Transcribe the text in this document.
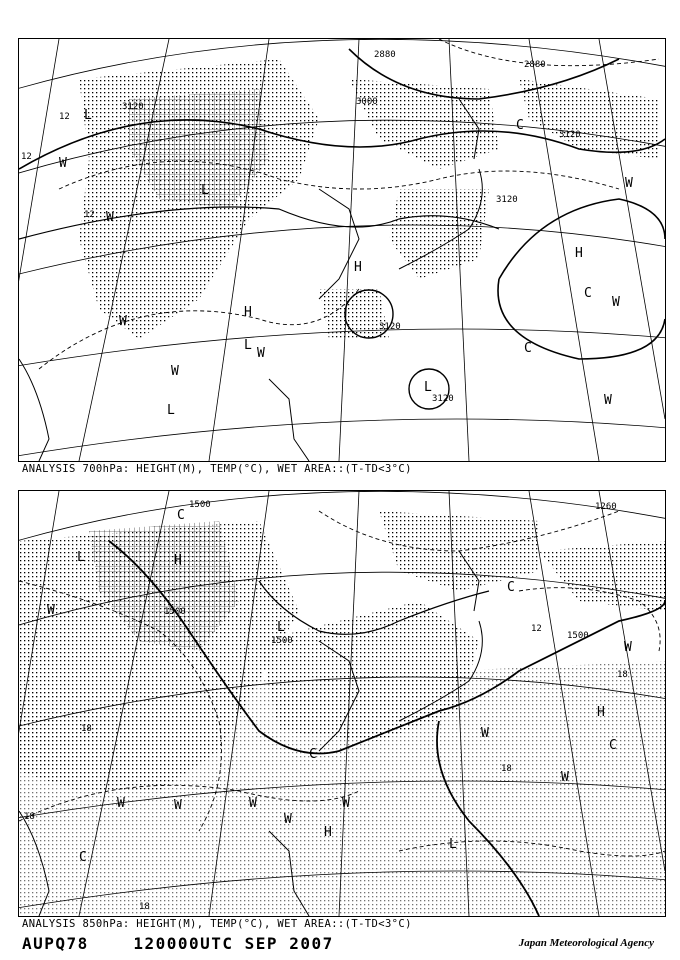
H
H
H
L
L
L
L
L
C
C
C
W
W
W
W
W
W
W
W
3120
3120
3120
3120
3120
2880
2880
3000
12
12
12
ANALYSIS 700hPa: HEIGHT(M), TEMP(°C), WET AREA::(T-TD<3°C)
H
H
H
L
L
L
C
C
C
C
C
W
W	W	W	W
W
W
W
W
1500
1500
1500	1500
1260
12
18
18
18
18
18
ANALYSIS 850hPa: HEIGHT(M), TEMP(°C), WET AREA::(T-TD<3°C)
AUPQ78	120000UTC SEP 2007	Japan Meteorological Agency
